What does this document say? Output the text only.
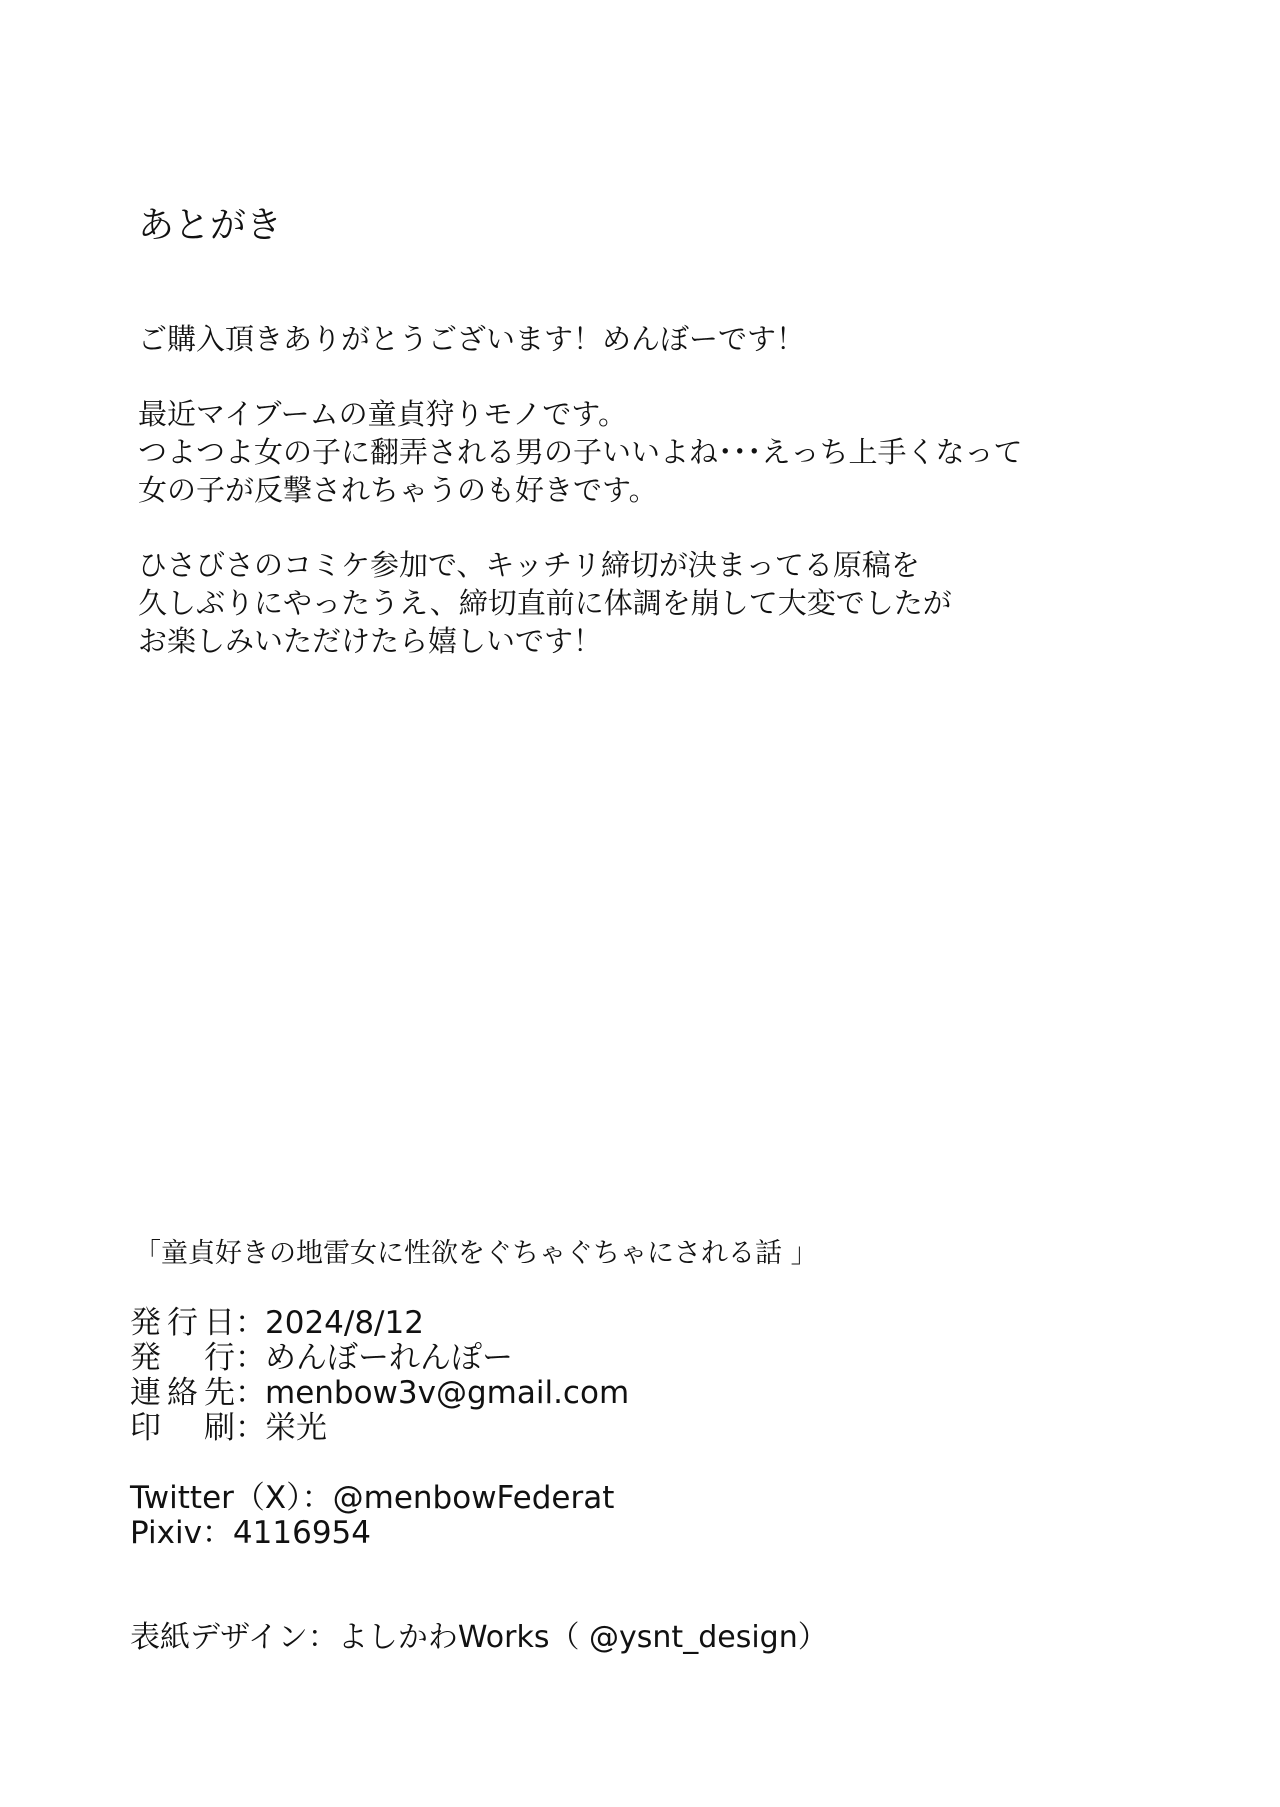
あとがき
ご購入頂きありがとうございます！めんぼーです！
最近マイブームの童貞狩りモノです。
つよつよ女の子に翻弄される男の子いいよね･･･えっち上手くなって
女の子が反撃されちゃうのも好きです。
ひさびさのコミケ参加で、キッチリ締切が決まってる原稿を
久しぶりにやったうえ、締切直前に体調を崩して大変でしたが
お楽しみいただけたら嬉しいです！
「童貞好きの地雷女に性欲をぐちゃぐちゃにされる話 」
発行日：2024/8/12
発行：めんぼーれんぽー
連絡先：menbow3v@gmail.com
印刷：栄光
Twitter（X）：@menbowFederat
Pixiv：4116954
表紙デザイン：よしかわWorks（ @ysnt_design）
